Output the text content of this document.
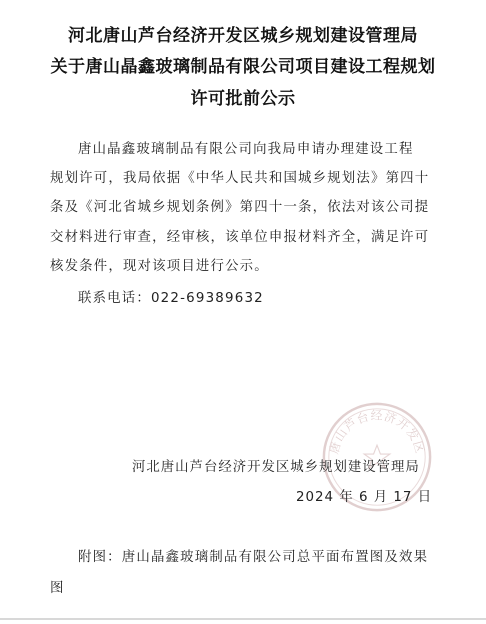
河北唐山芦台经济开发区城乡规划建设管理局
关于唐山晶鑫玻璃制品有限公司项目建设工程规划
许可批前公示
唐山晶鑫玻璃制品有限公司向我局申请办理建设工程
规划许可，我局依据《中华人民共和国城乡规划法》第四十
条及《河北省城乡规划条例》第四十一条，依法对该公司提
交材料进行审查，经审核，该单位申报材料齐全，满足许可
核发条件，现对该项目进行公示。
联系电话：022-69389632
唐山芦台经济开发区
河北唐山芦台经济开发区城乡规划建设管理局
2024 年 6 月 17 日
附图：唐山晶鑫玻璃制品有限公司总平面布置图及效果
图
